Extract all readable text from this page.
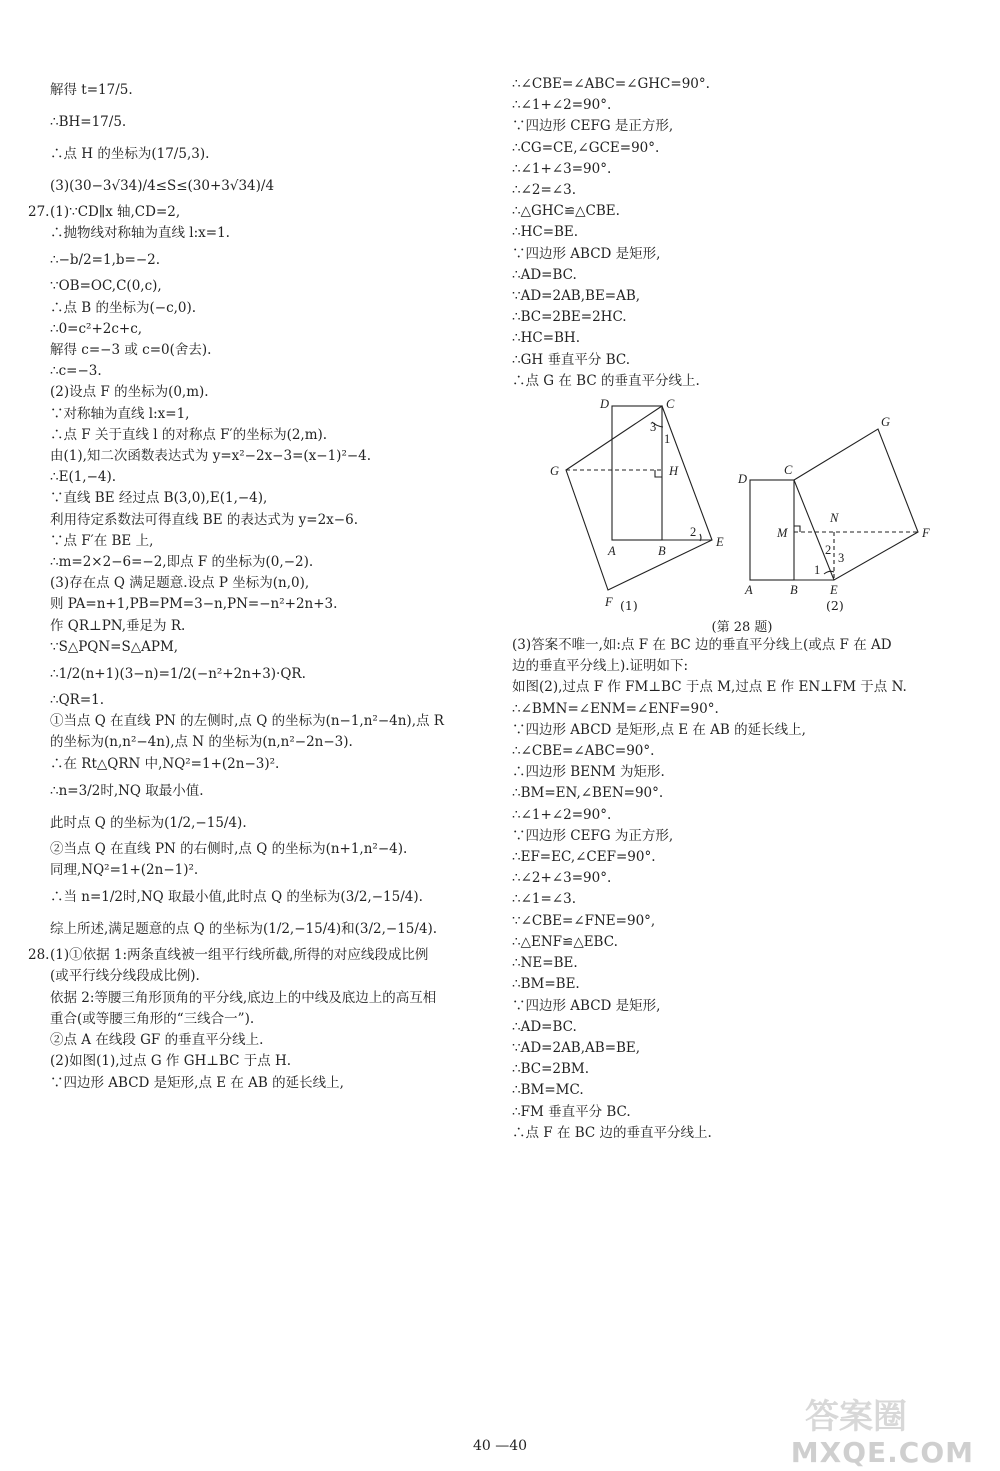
解得 t=17/5.
∴BH=17/5.
∴点 H 的坐标为(17/5,3).
(3)(30−3√34)/4≤S≤(30+3√34)/4
27.(1)∵CD∥x 轴,CD=2,
∴抛物线对称轴为直线 l:x=1.
∴−b/2=1,b=−2.
∵OB=OC,C(0,c),
∴点 B 的坐标为(−c,0).
∴0=c²+2c+c,
解得 c=−3 或 c=0(舍去).
∴c=−3.
(2)设点 F 的坐标为(0,m).
∵对称轴为直线 l:x=1,
∴点 F 关于直线 l 的对称点 F′的坐标为(2,m).
由(1),知二次函数表达式为 y=x²−2x−3=(x−1)²−4.
∴E(1,−4).
∵直线 BE 经过点 B(3,0),E(1,−4),
利用待定系数法可得直线 BE 的表达式为 y=2x−6.
∵点 F′在 BE 上,
∴m=2×2−6=−2,即点 F 的坐标为(0,−2).
(3)存在点 Q 满足题意.设点 P 坐标为(n,0),
则 PA=n+1,PB=PM=3−n,PN=−n²+2n+3.
作 QR⊥PN,垂足为 R.
∵S△PQN=S△APM,
∴1/2(n+1)(3−n)=1/2(−n²+2n+3)·QR.
∴QR=1.
①当点 Q 在直线 PN 的左侧时,点 Q 的坐标为(n−1,n²−4n),点 R
的坐标为(n,n²−4n),点 N 的坐标为(n,n²−2n−3).
∴在 Rt△QRN 中,NQ²=1+(2n−3)².
∴n=3/2时,NQ 取最小值.
此时点 Q 的坐标为(1/2,−15/4).
②当点 Q 在直线 PN 的右侧时,点 Q 的坐标为(n+1,n²−4).
同理,NQ²=1+(2n−1)².
∴当 n=1/2时,NQ 取最小值,此时点 Q 的坐标为(3/2,−15/4).
综上所述,满足题意的点 Q 的坐标为(1/2,−15/4)和(3/2,−15/4).
28.(1)①依据 1:两条直线被一组平行线所截,所得的对应线段成比例
(或平行线分线段成比例).
依据 2:等腰三角形顶角的平分线,底边上的中线及底边上的高互相
重合(或等腰三角形的“三线合一”).
②点 A 在线段 GF 的垂直平分线上.
(2)如图(1),过点 G 作 GH⊥BC 于点 H.
∵四边形 ABCD 是矩形,点 E 在 AB 的延长线上,
∴∠CBE=∠ABC=∠GHC=90°.
∴∠1+∠2=90°.
∵四边形 CEFG 是正方形,
∴CG=CE,∠GCE=90°.
∴∠1+∠3=90°.
∴∠2=∠3.
∴△GHC≌△CBE.
∴HC=BE.
∵四边形 ABCD 是矩形,
∴AD=BC.
∵AD=2AB,BE=AB,
∴BC=2BE=2HC.
∴HC=BH.
∴GH 垂直平分 BC.
∴点 G 在 BC 的垂直平分线上.
D	C
G	H
A	B
E
F
1
2
3
D
C
G
N
M	F
A	B	E
1
2
3
(1)	(2)
(第 28 题)
(3)答案不唯一,如:点 F 在 BC 边的垂直平分线上(或点 F 在 AD
边的垂直平分线上).证明如下:
如图(2),过点 F 作 FM⊥BC 于点 M,过点 E 作 EN⊥FM 于点 N.
∴∠BMN=∠ENM=∠ENF=90°.
∵四边形 ABCD 是矩形,点 E 在 AB 的延长线上,
∴∠CBE=∠ABC=90°.
∴四边形 BENM 为矩形.
∴BM=EN,∠BEN=90°.
∴∠1+∠2=90°.
∵四边形 CEFG 为正方形,
∴EF=EC,∠CEF=90°.
∴∠2+∠3=90°.
∴∠1=∠3.
∵∠CBE=∠FNE=90°,
∴△ENF≌△EBC.
∴NE=BE.
∴BM=BE.
∵四边形 ABCD 是矩形,
∴AD=BC.
∵AD=2AB,AB=BE,
∴BC=2BM.
∴BM=MC.
∴FM 垂直平分 BC.
∴点 F 在 BC 边的垂直平分线上.
40 —40
答案圈
MXQE.COM
